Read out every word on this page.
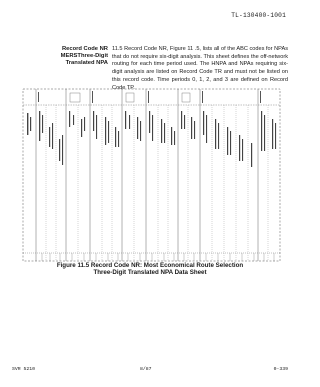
TL-130400-1001
Record Code NR
MERSThree-Digit
Translated NPA
11.5 Record Code NR, Figure 11 .5, lists all of the ABC codes for NPAs that do not require six-digit analysis. This sheet defines the off-network routing for each time period used. The HNPA and NPAs requiring six-digit analysis are listed on Record Code TR and must not be listed on this record code. Time periods 0, 1, 2, and 3 are defined on Record Code TP.
Figure 11.5 Record Code NR: Most Economical Route Selection
Three-Digit Translated NPA Data Sheet
SVR 5210	8/87	0-339
